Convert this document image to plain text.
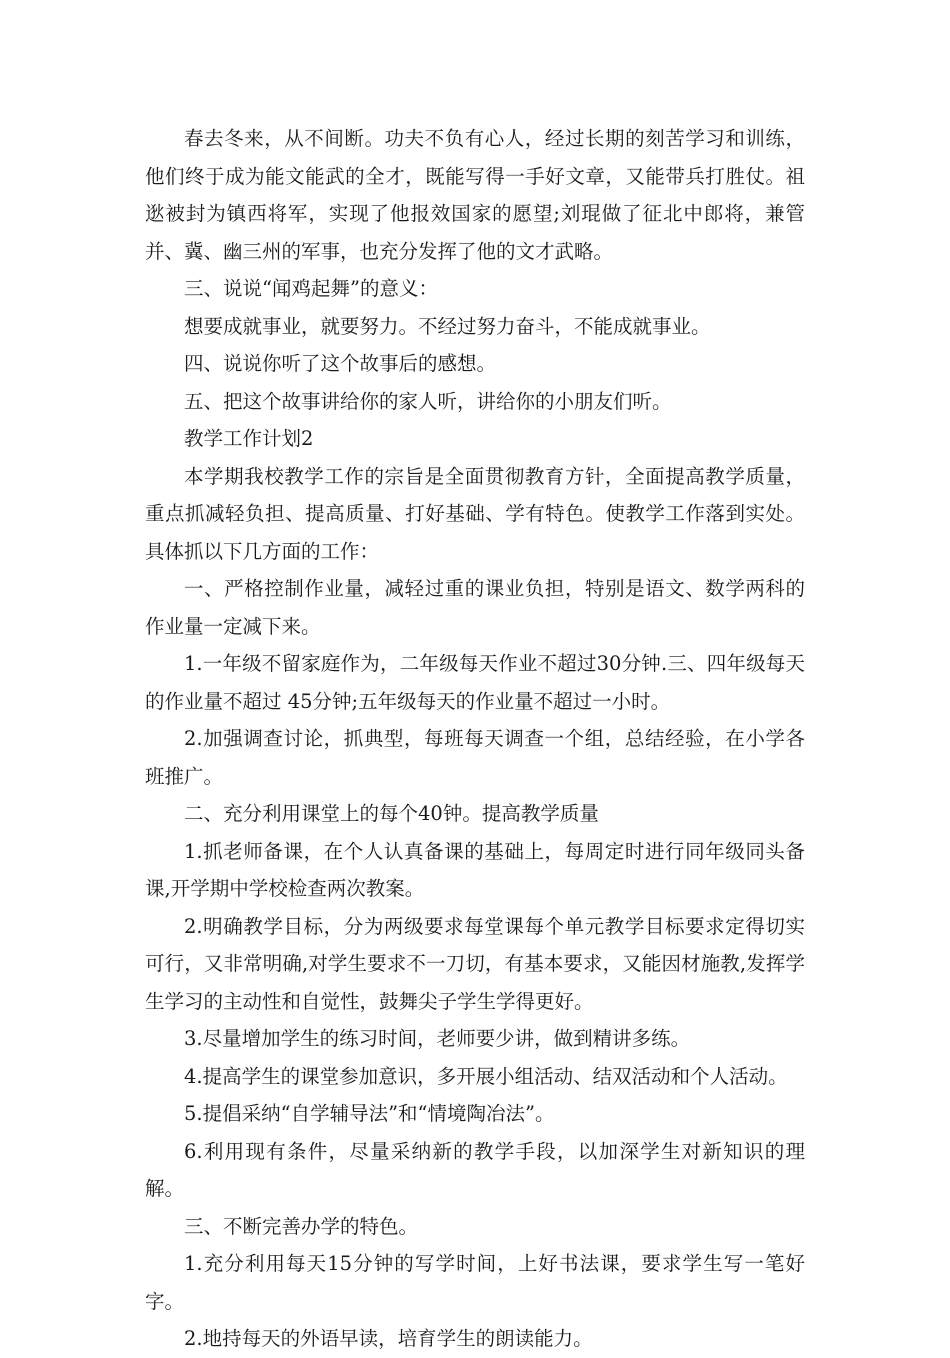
春去冬来，从不间断。功夫不负有心人，经过长期的刻苦学习和训练，他们终于成为能文能武的全才，既能写得一手好文章，又能带兵打胜仗。祖逖被封为镇西将军，实现了他报效国家的愿望;刘琨做了征北中郎将，兼管并、冀、幽三州的军事，也充分发挥了他的文才武略。

三、说说“闻鸡起舞”的意义：

想要成就事业，就要努力。不经过努力奋斗，不能成就事业。

四、说说你听了这个故事后的感想。

五、把这个故事讲给你的家人听，讲给你的小朋友们听。

教学工作计划2

本学期我校教学工作的宗旨是全面贯彻教育方针，全面提高教学质量，重点抓减轻负担、提高质量、打好基础、学有特色。使教学工作落到实处。具体抓以下几方面的工作：

一、严格控制作业量，减轻过重的课业负担，特别是语文、数学两科的作业量一定减下来。

1.一年级不留家庭作为，二年级每天作业不超过30分钟.三、四年级每天的作业量不超过 45分钟;五年级每天的作业量不超过一小时。

2.加强调查讨论，抓典型，每班每天调查一个组，总结经验，在小学各班推广。

二、充分利用课堂上的每个40钟。提高教学质量

1.抓老师备课，在个人认真备课的基础上，每周定时进行同年级同头备课,开学期中学校检查两次教案。

2.明确教学目标，分为两级要求每堂课每个单元教学目标要求定得切实可行，又非常明确,对学生要求不一刀切，有基本要求，又能因材施教,发挥学生学习的主动性和自觉性，鼓舞尖子学生学得更好。

3.尽量增加学生的练习时间，老师要少讲，做到精讲多练。

4.提高学生的课堂参加意识，多开展小组活动、结双活动和个人活动。

5.提倡采纳“自学辅导法”和“情境陶冶法”。

6.利用现有条件，尽量采纳新的教学手段，以加深学生对新知识的理解。

三、不断完善办学的特色。

1.充分利用每天15分钟的写学时间，上好书法课，要求学生写一笔好字。

2.地持每天的外语早读，培育学生的朗读能力。
